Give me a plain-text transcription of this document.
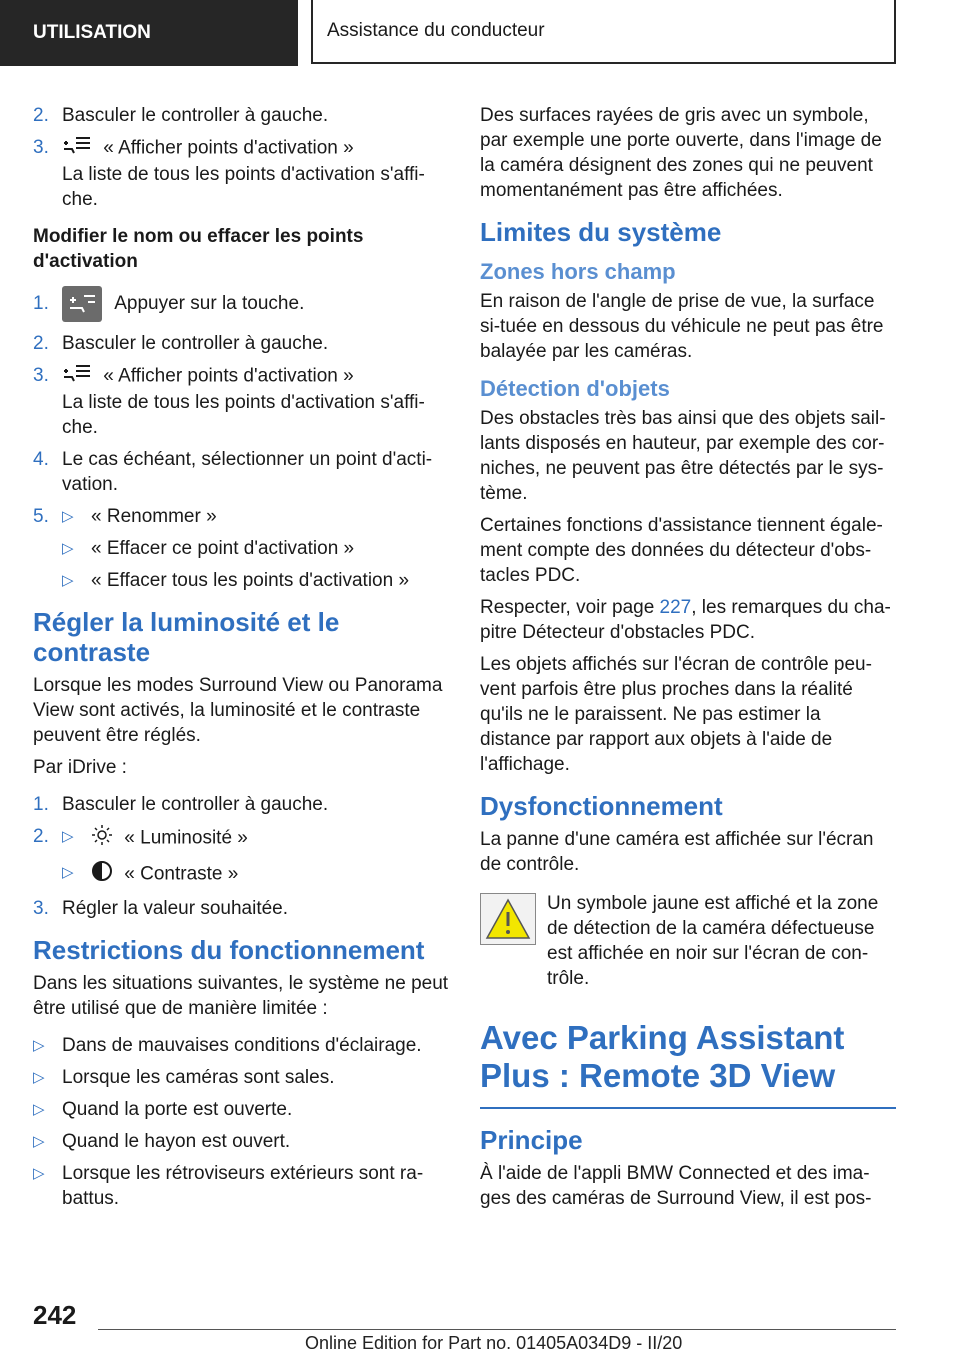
UTILISATION	Assistance du conducteur
2. Basculer le controller à gauche.
3.	« Afficher points d'activation »
La liste de tous les points d'activation s'affi-che.
Modifier le nom ou effacer les points d'activation
1.	Appuyer sur la touche.
2. Basculer le controller à gauche.
3.	« Afficher points d'activation »
La liste de tous les points d'activation s'affi-che.
4. Le cas échéant, sélectionner un point d'acti-vation.
5. ▷ « Renommer »
▷ « Effacer ce point d'activation »
▷ « Effacer tous les points d'activation »
Régler la luminosité et le contraste

Lorsque les modes Surround View ou Panorama View sont activés, la luminosité et le contraste peuvent être réglés.

Par iDrive :

1. Basculer le controller à gauche.
2. ▷	« Luminosité »
▷	« Contraste »
3. Régler la valeur souhaitée.
Restrictions du fonctionnement

Dans les situations suivantes, le système ne peut être utilisé que de manière limitée :

▷ Dans de mauvaises conditions d'éclairage.
▷ Lorsque les caméras sont sales.
▷ Quand la porte est ouverte.
▷ Quand le hayon est ouvert.
▷ Lorsque les rétroviseurs extérieurs sont ra-battus.

Des surfaces rayées de gris avec un symbole, par exemple une porte ouverte, dans l'image de la caméra désignent des zones qui ne peuvent momentanément pas être affichées.

Limites du système
Zones hors champ

En raison de l'angle de prise de vue, la surface si-tuée en dessous du véhicule ne peut pas être balayée par les caméras.

Détection d'objets

Des obstacles très bas ainsi que des objets sail-lants disposés en hauteur, par exemple des cor-niches, ne peuvent pas être détectés par le sys-tème.

Certaines fonctions d'assistance tiennent égale-ment compte des données du détecteur d'obs-tacles PDC.

Respecter, voir page 227, les remarques du cha-pitre Détecteur d'obstacles PDC.

Les objets affichés sur l'écran de contrôle peu-vent parfois être plus proches dans la réalité qu'ils ne le paraissent. Ne pas estimer la distance par rapport aux objets à l'aide de l'affichage.

Dysfonctionnement

La panne d'une caméra est affichée sur l'écran de contrôle.

Un symbole jaune est affiché et la zone de détection de la caméra défectueuse est affichée en noir sur l'écran de con-trôle.
Avec Parking Assistant Plus : Remote 3D View
Principe

À l'aide de l'appli BMW Connected et des ima-ges des caméras de Surround View, il est pos-

242
Online Edition for Part no. 01405A034D9 - II/20
